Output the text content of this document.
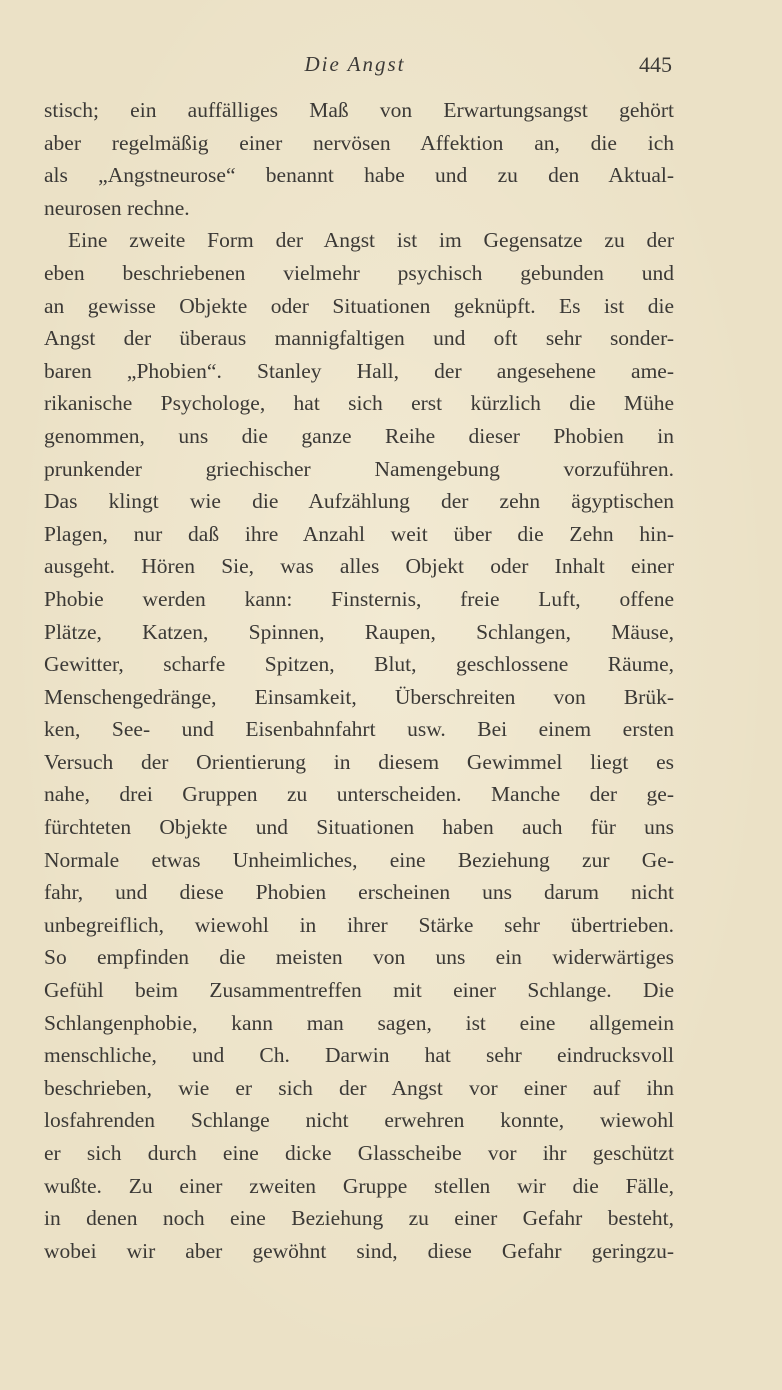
Die Angst	445
stisch; ein auffälliges Maß von Erwartungsangst gehört
aber regelmäßig einer nervösen Affektion an, die ich
als „Angstneurose“ benannt habe und zu den Aktual-
neurosen rechne.
Eine zweite Form der Angst ist im Gegensatze zu der
eben beschriebenen vielmehr psychisch gebunden und
an gewisse Objekte oder Situationen geknüpft. Es ist die
Angst der überaus mannigfaltigen und oft sehr sonder-
baren „Phobien“. Stanley Hall, der angesehene ame-
rikanische Psychologe, hat sich erst kürzlich die Mühe
genommen, uns die ganze Reihe dieser Phobien in
prunkender griechischer Namengebung vorzuführen.
Das klingt wie die Aufzählung der zehn ägyptischen
Plagen, nur daß ihre Anzahl weit über die Zehn hin-
ausgeht. Hören Sie, was alles Objekt oder Inhalt einer
Phobie werden kann: Finsternis, freie Luft, offene
Plätze, Katzen, Spinnen, Raupen, Schlangen, Mäuse,
Gewitter, scharfe Spitzen, Blut, geschlossene Räume,
Menschengedränge, Einsamkeit, Überschreiten von Brük-
ken, See- und Eisenbahnfahrt usw. Bei einem ersten
Versuch der Orientierung in diesem Gewimmel liegt es
nahe, drei Gruppen zu unterscheiden. Manche der ge-
fürchteten Objekte und Situationen haben auch für uns
Normale etwas Unheimliches, eine Beziehung zur Ge-
fahr, und diese Phobien erscheinen uns darum nicht
unbegreiflich, wiewohl in ihrer Stärke sehr übertrieben.
So empfinden die meisten von uns ein widerwärtiges
Gefühl beim Zusammentreffen mit einer Schlange. Die
Schlangenphobie, kann man sagen, ist eine allgemein
menschliche, und Ch. Darwin hat sehr eindrucksvoll
beschrieben, wie er sich der Angst vor einer auf ihn
losfahrenden Schlange nicht erwehren konnte, wiewohl
er sich durch eine dicke Glasscheibe vor ihr geschützt
wußte. Zu einer zweiten Gruppe stellen wir die Fälle,
in denen noch eine Beziehung zu einer Gefahr besteht,
wobei wir aber gewöhnt sind, diese Gefahr geringzu-
